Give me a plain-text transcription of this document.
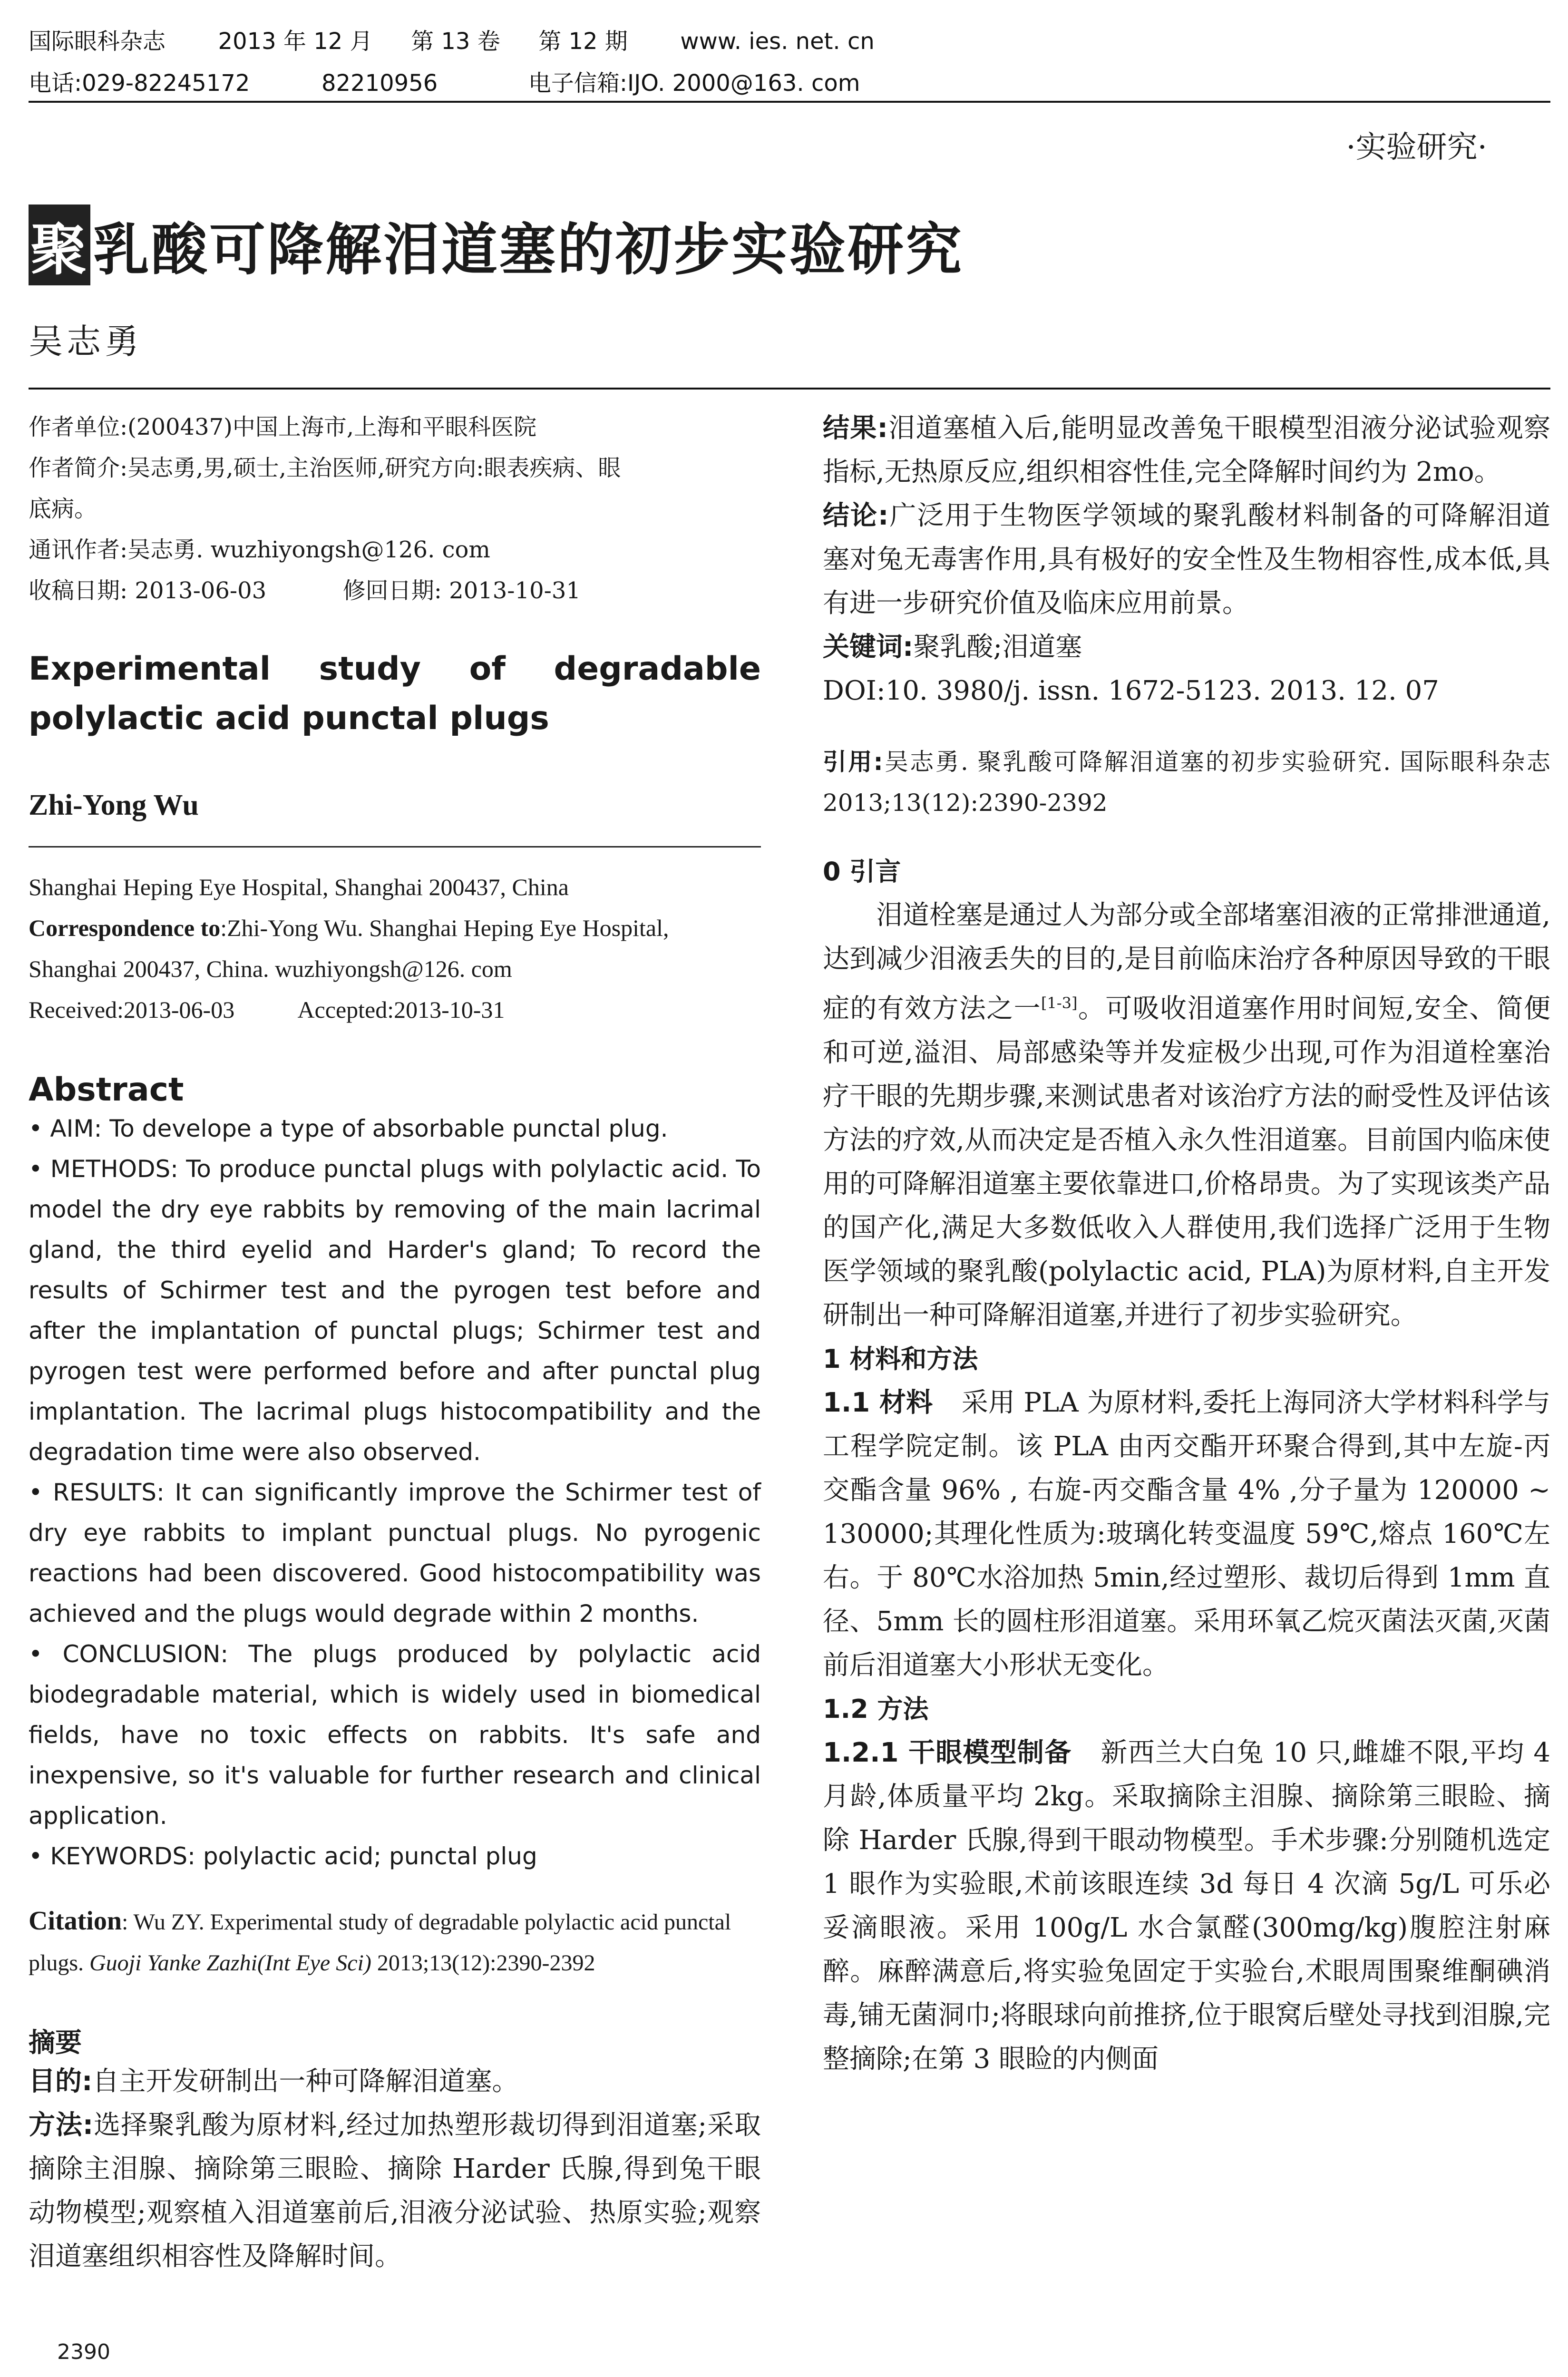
国际眼科杂志 2013 年 12 月 第 13 卷 第 12 期 www. ies. net. cn
电话:029-82245172	82210956	电子信箱:IJO. 2000@163. com
·实验研究·
聚乳酸可降解泪道塞的初步实验研究
吴志勇

作者单位:(200437)中国上海市,上海和平眼科医院

作者简介:吴志勇,男,硕士,主治医师,研究方向:眼表疾病、眼

底病。

通讯作者:吴志勇. wuzhiyongsh@126. com

收稿日期: 2013-06-03	修回日期: 2013-10-31

Experimental study of degradable
polylactic acid punctal plugs
Zhi-Yong Wu

Shanghai Heping Eye Hospital, Shanghai 200437, China

Correspondence to:Zhi-Yong Wu. Shanghai Heping Eye Hospital,

Shanghai 200437, China. wuzhiyongsh@126. com

Received:2013-06-03	Accepted:2013-10-31

Abstract

• AIM: To develope a type of absorbable punctal plug.

• METHODS: To produce punctal plugs with polylactic acid. To model the dry eye rabbits by removing of the main lacrimal gland, the third eyelid and Harder's gland; To record the results of Schirmer test and the pyrogen test before and after the implantation of punctal plugs; Schirmer test and pyrogen test were performed before and after punctal plug implantation. The lacrimal plugs histocompatibility and the degradation time were also observed.

• RESULTS: It can significantly improve the Schirmer test of dry eye rabbits to implant punctual plugs. No pyrogenic reactions had been discovered. Good histocompatibility was achieved and the plugs would degrade within 2 months.

• CONCLUSION: The plugs produced by polylactic acid biodegradable material, which is widely used in biomedical fields, have no toxic effects on rabbits. It's safe and inexpensive, so it's valuable for further research and clinical application.

• KEYWORDS: polylactic acid; punctal plug

Citation: Wu ZY. Experimental study of degradable polylactic acid punctal plugs. Guoji Yanke Zazhi(Int Eye Sci) 2013;13(12):2390-2392
摘要

目的:自主开发研制出一种可降解泪道塞。

方法:选择聚乳酸为原材料,经过加热塑形裁切得到泪道塞;采取摘除主泪腺、摘除第三眼睑、摘除 Harder 氏腺,得到兔干眼动物模型;观察植入泪道塞前后,泪液分泌试验、热原实验;观察泪道塞组织相容性及降解时间。

结果:泪道塞植入后,能明显改善兔干眼模型泪液分泌试验观察指标,无热原反应,组织相容性佳,完全降解时间约为 2mo。

结论:广泛用于生物医学领域的聚乳酸材料制备的可降解泪道塞对兔无毒害作用,具有极好的安全性及生物相容性,成本低,具有进一步研究价值及临床应用前景。

关键词:聚乳酸;泪道塞

DOI:10. 3980/j. issn. 1672-5123. 2013. 12. 07

引用:吴志勇. 聚乳酸可降解泪道塞的初步实验研究. 国际眼科杂志 2013;13(12):2390-2392

0 引言

泪道栓塞是通过人为部分或全部堵塞泪液的正常排泄通道,达到减少泪液丢失的目的,是目前临床治疗各种原因导致的干眼症的有效方法之一[1-3]。可吸收泪道塞作用时间短,安全、简便和可逆,溢泪、局部感染等并发症极少出现,可作为泪道栓塞治疗干眼的先期步骤,来测试患者对该治疗方法的耐受性及评估该方法的疗效,从而决定是否植入永久性泪道塞。目前国内临床使用的可降解泪道塞主要依靠进口,价格昂贵。为了实现该类产品的国产化,满足大多数低收入人群使用,我们选择广泛用于生物医学领域的聚乳酸(polylactic acid, PLA)为原材料,自主开发研制出一种可降解泪道塞,并进行了初步实验研究。

1 材料和方法

1.1 材料 采用 PLA 为原材料,委托上海同济大学材料科学与工程学院定制。该 PLA 由丙交酯开环聚合得到,其中左旋-丙交酯含量 96% , 右旋-丙交酯含量 4% ,分子量为 120000 ~ 130000;其理化性质为:玻璃化转变温度 59℃,熔点 160℃左右。于 80℃水浴加热 5min,经过塑形、裁切后得到 1mm 直径、5mm 长的圆柱形泪道塞。采用环氧乙烷灭菌法灭菌,灭菌前后泪道塞大小形状无变化。

1.2 方法

1.2.1 干眼模型制备 新西兰大白兔 10 只,雌雄不限,平均 4 月龄,体质量平均 2kg。采取摘除主泪腺、摘除第三眼睑、摘除 Harder 氏腺,得到干眼动物模型。手术步骤:分别随机选定 1 眼作为实验眼,术前该眼连续 3d 每日 4 次滴 5g/L 可乐必妥滴眼液。采用 100g/L 水合氯醛(300mg/kg)腹腔注射麻醉。麻醉满意后,将实验兔固定于实验台,术眼周围聚维酮碘消毒,铺无菌洞巾;将眼球向前推挤,位于眼窝后壁处寻找到泪腺,完整摘除;在第 3 眼睑的内侧面

2390
